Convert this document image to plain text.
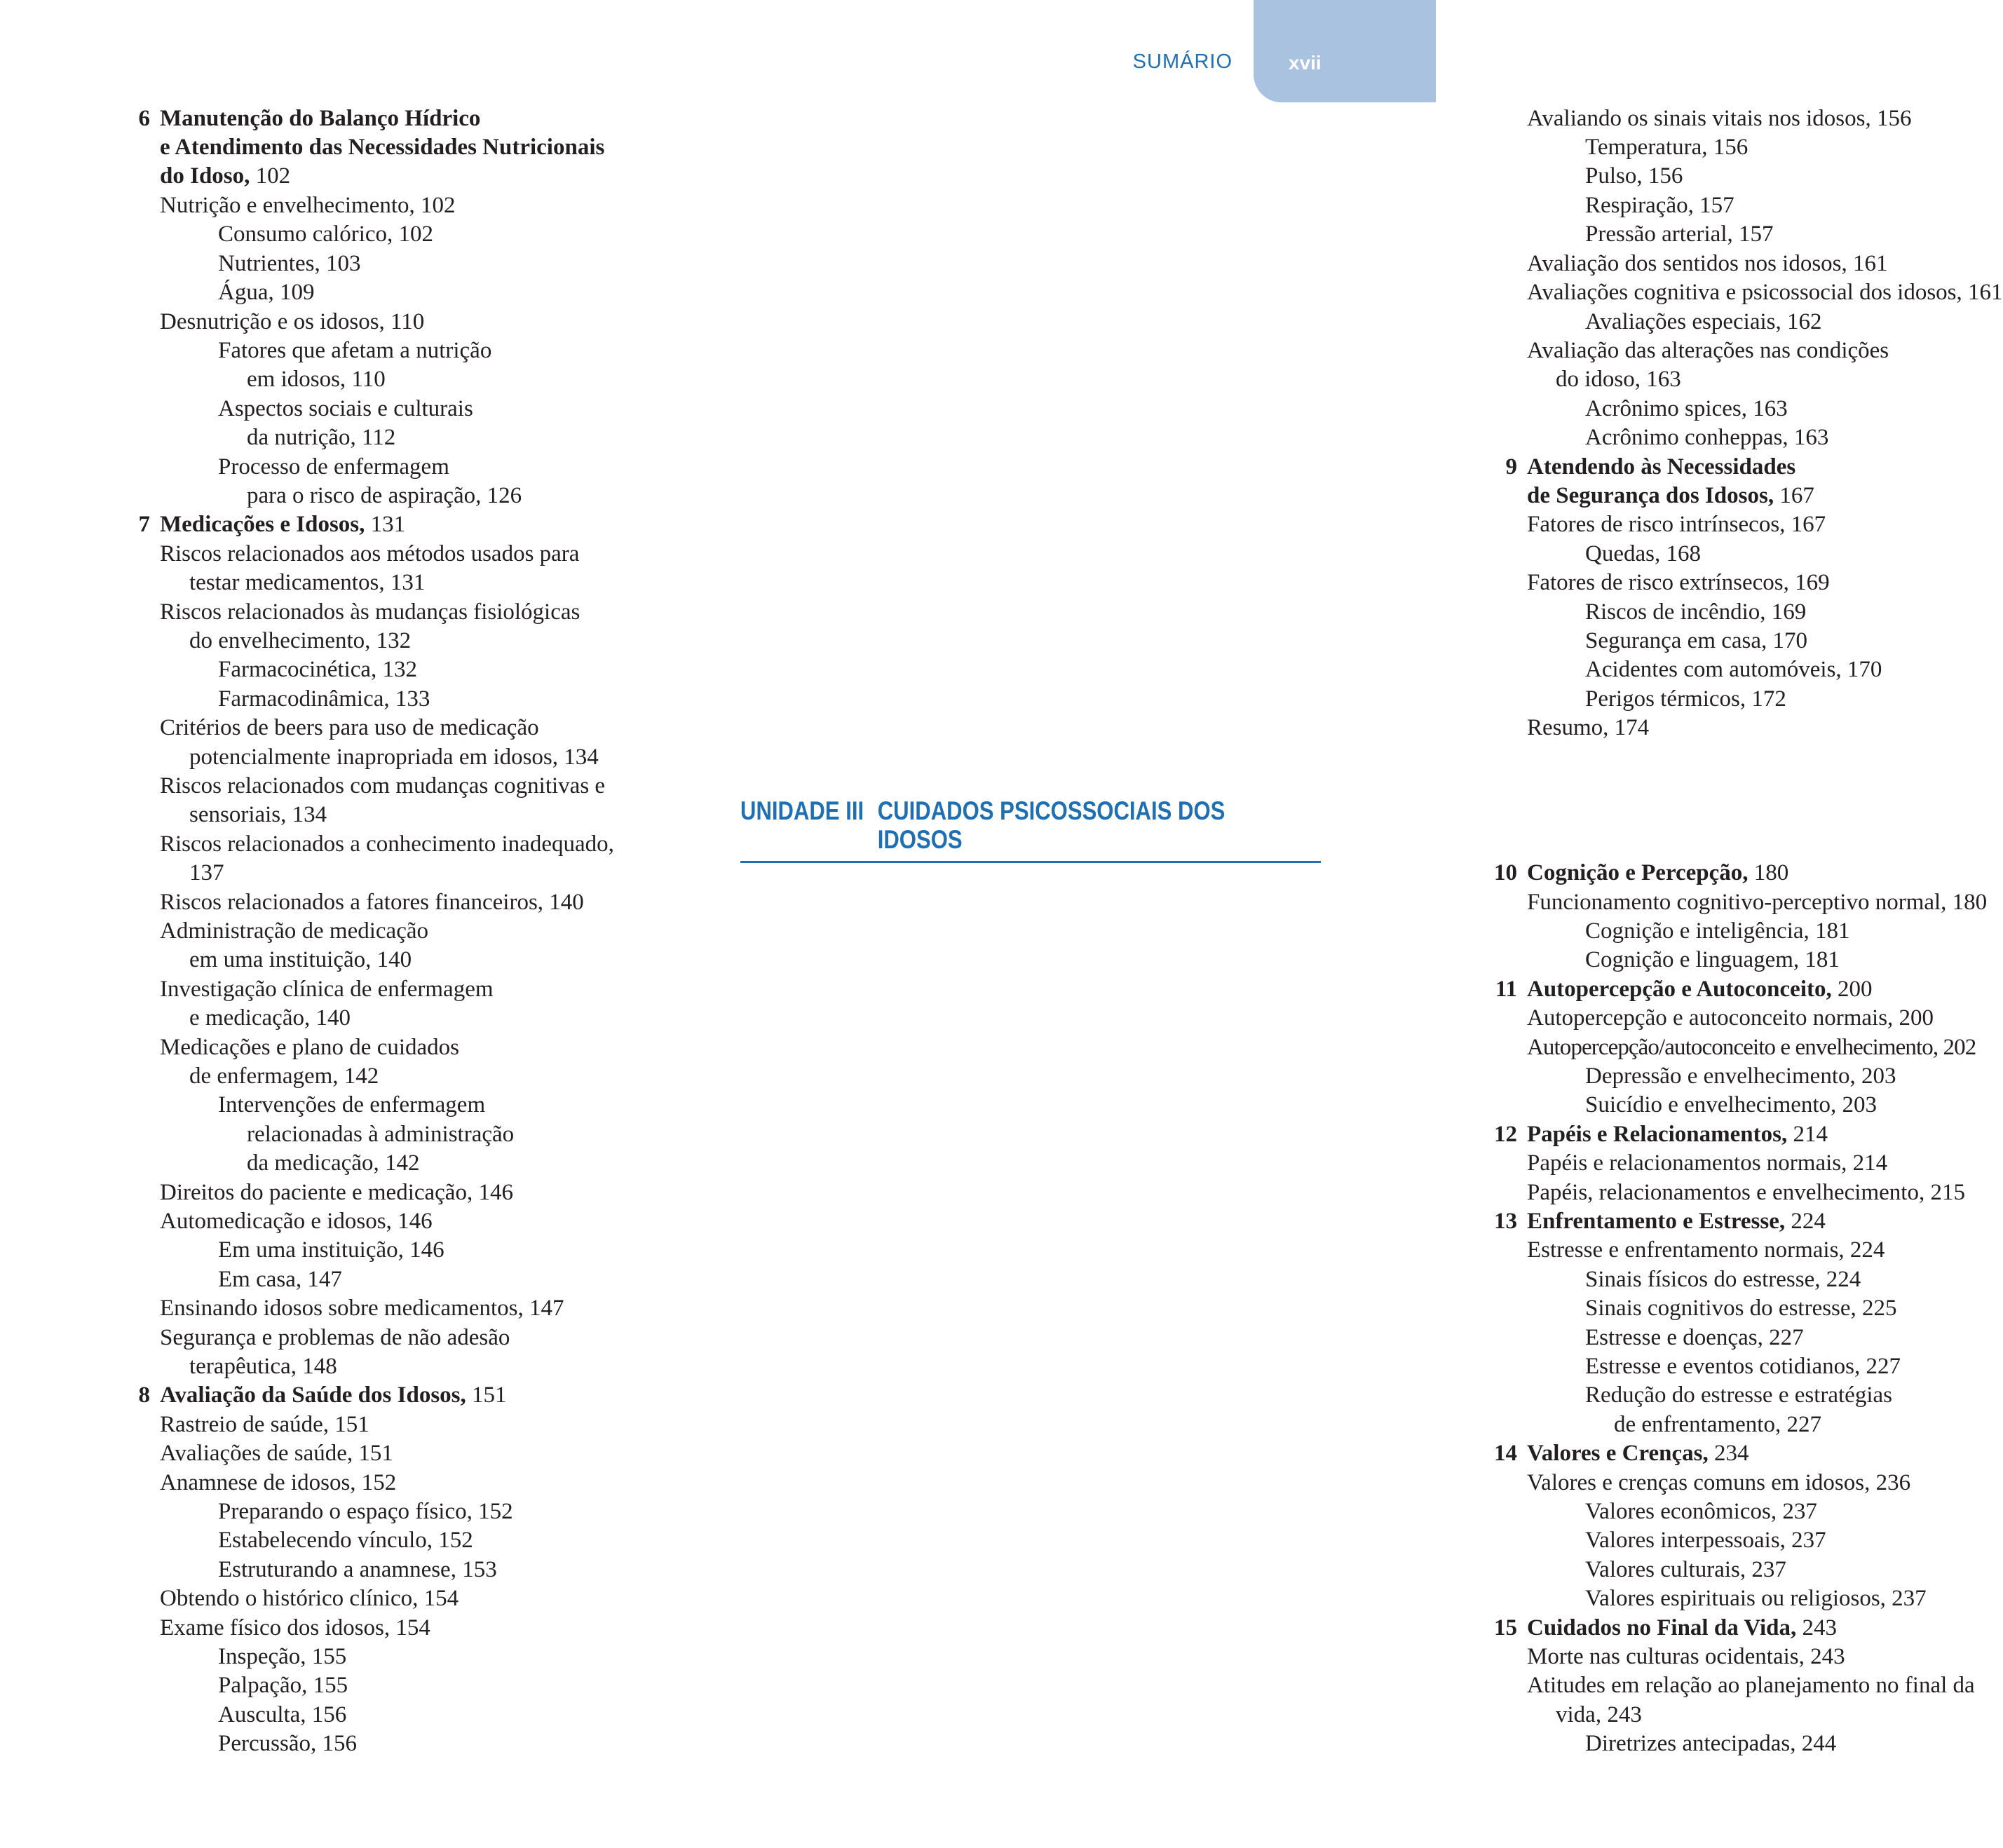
xvii
SUMÁRIO
6 Manutenção do Balanço Hídrico
e Atendimento das Necessidades Nutricionais
do Idoso, 102
Nutrição e envelhecimento, 102
Consumo calórico, 102
Nutrientes, 103
Água, 109
Desnutrição e os idosos, 110
Fatores que afetam a nutrição
em idosos, 110
Aspectos sociais e culturais
da nutrição, 112
Processo de enfermagem
para o risco de aspiração, 126
7 Medicações e Idosos, 131
Riscos relacionados aos métodos usados para
testar medicamentos, 131
Riscos relacionados às mudanças fisiológicas
do envelhecimento, 132
Farmacocinética, 132
Farmacodinâmica, 133
Critérios de beers para uso de medicação
potencialmente inapropriada em idosos, 134
Riscos relacionados com mudanças cognitivas e
sensoriais, 134
Riscos relacionados a conhecimento inadequado,
137
Riscos relacionados a fatores financeiros, 140
Administração de medicação
em uma instituição, 140
Investigação clínica de enfermagem
e medicação, 140
Medicações e plano de cuidados
de enfermagem, 142
Intervenções de enfermagem
relacionadas à administração
da medicação, 142
Direitos do paciente e medicação, 146
Automedicação e idosos, 146
Em uma instituição, 146
Em casa, 147
Ensinando idosos sobre medicamentos, 147
Segurança e problemas de não adesão
terapêutica, 148
8 Avaliação da Saúde dos Idosos, 151
Rastreio de saúde, 151
Avaliações de saúde, 151
Anamnese de idosos, 152
Preparando o espaço físico, 152
Estabelecendo vínculo, 152
Estruturando a anamnese, 153
Obtendo o histórico clínico, 154
Exame físico dos idosos, 154
Inspeção, 155
Palpação, 155
Ausculta, 156
Percussão, 156
Avaliando os sinais vitais nos idosos, 156
Temperatura, 156
Pulso, 156
Respiração, 157
Pressão arterial, 157
Avaliação dos sentidos nos idosos, 161
Avaliações cognitiva e psicossocial dos idosos, 161
Avaliações especiais, 162
Avaliação das alterações nas condições
do idoso, 163
Acrônimo spices, 163
Acrônimo conheppas, 163
9 Atendendo às Necessidades
de Segurança dos Idosos, 167
Fatores de risco intrínsecos, 167
Quedas, 168
Fatores de risco extrínsecos, 169
Riscos de incêndio, 169
Segurança em casa, 170
Acidentes com automóveis, 170
Perigos térmicos, 172
Resumo, 174
10 Cognição e Percepção, 180
Funcionamento cognitivo-perceptivo normal, 180
Cognição e inteligência, 181
Cognição e linguagem, 181
11 Autopercepção e Autoconceito, 200
Autopercepção e autoconceito normais, 200
Autopercepção/autoconceito e envelhecimento, 202
Depressão e envelhecimento, 203
Suicídio e envelhecimento, 203
12 Papéis e Relacionamentos, 214
Papéis e relacionamentos normais, 214
Papéis, relacionamentos e envelhecimento, 215
13 Enfrentamento e Estresse, 224
Estresse e enfrentamento normais, 224
Sinais físicos do estresse, 224
Sinais cognitivos do estresse, 225
Estresse e doenças, 227
Estresse e eventos cotidianos, 227
Redução do estresse e estratégias
de enfrentamento, 227
14 Valores e Crenças, 234
Valores e crenças comuns em idosos, 236
Valores econômicos, 237
Valores interpessoais, 237
Valores culturais, 237
Valores espirituais ou religiosos, 237
15 Cuidados no Final da Vida, 243
Morte nas culturas ocidentais, 243
Atitudes em relação ao planejamento no final da
vida, 243
Diretrizes antecipadas, 244
UNIDADE III CUIDADOS PSICOSSOCIAIS DOS IDOSOS
